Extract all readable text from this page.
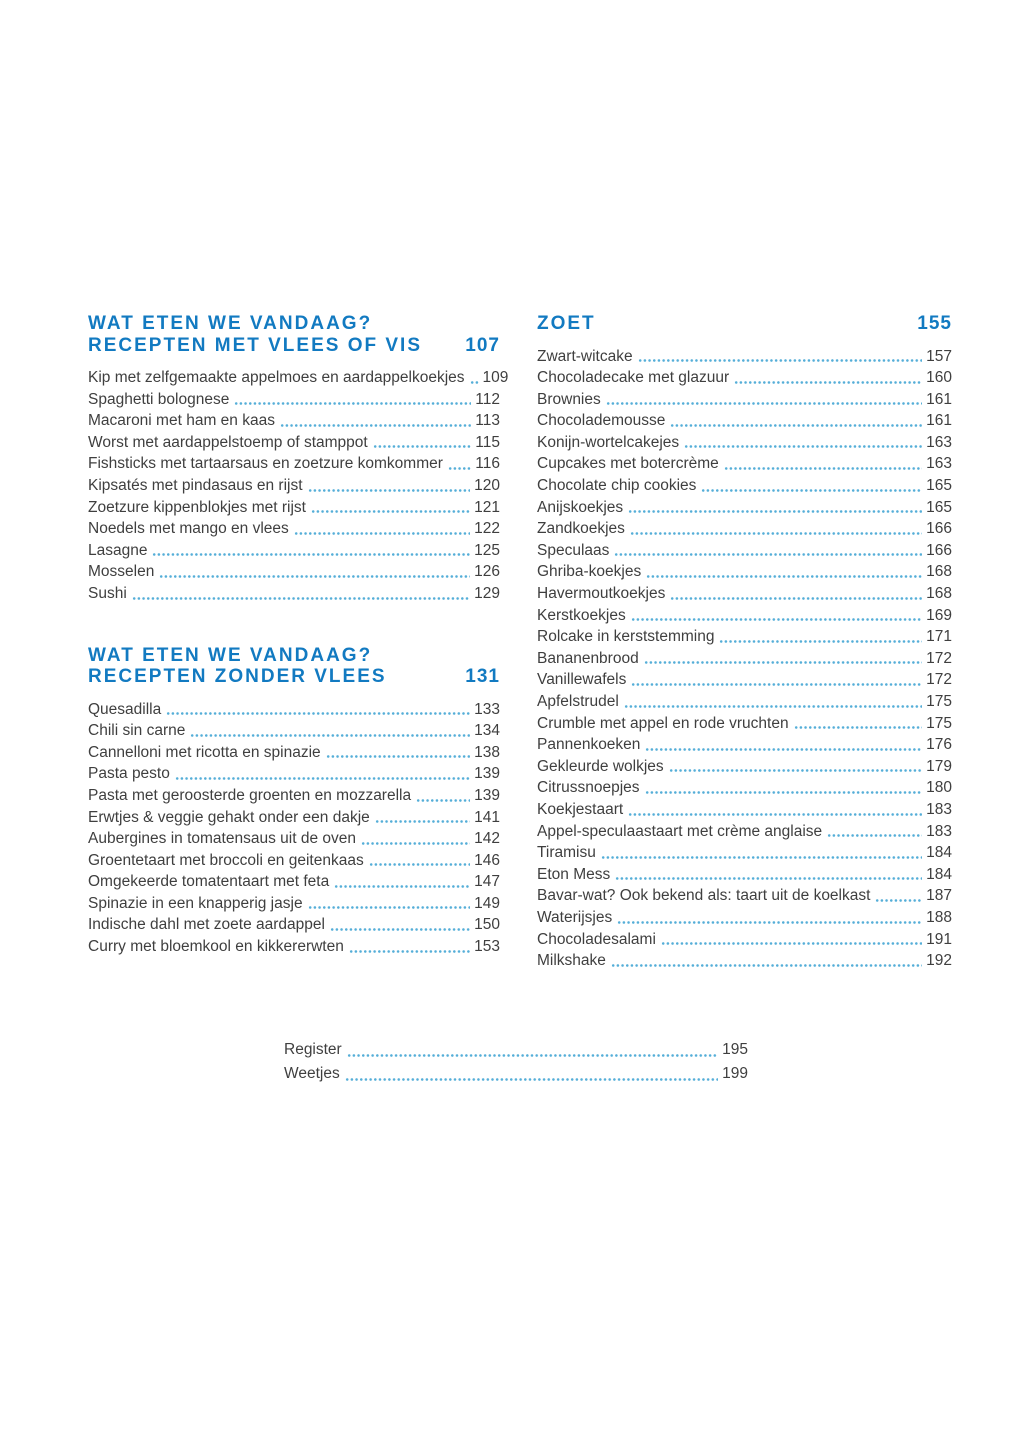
WAT ETEN WE VANDAAG?
RECEPTEN MET VLEES OF VIS	107
Kip met zelfgemaakte appelmoes en aardappelkoekjes 109
Spaghetti bolognese	112
Macaroni met ham en kaas	113
Worst met aardappelstoemp of stamppot	115
Fishsticks met tartaarsaus en zoetzure komkommer 116
Kipsatés met pindasaus en rijst	120
Zoetzure kippenblokjes met rijst	121
Noedels met mango en vlees	122
Lasagne	125
Mosselen	126
Sushi	129
WAT ETEN WE VANDAAG?
RECEPTEN ZONDER VLEES	131
Quesadilla	133
Chili sin carne	134
Cannelloni met ricotta en spinazie	138
Pasta pesto	139
Pasta met geroosterde groenten en mozzarella	139
Erwtjes & veggie gehakt onder een dakje	141
Aubergines in tomatensaus uit de oven	142
Groentetaart met broccoli en geitenkaas	146
Omgekeerde tomatentaart met feta	147
Spinazie in een knapperig jasje	149
Indische dahl met zoete aardappel	150
Curry met bloemkool en kikkererwten	153
ZOET	155
Zwart-witcake	157
Chocoladecake met glazuur	160
Brownies	161
Chocolademousse	161
Konijn-wortelcakejes	163
Cupcakes met botercrème	163
Chocolate chip cookies	165
Anijskoekjes	165
Zandkoekjes	166
Speculaas	166
Ghriba-koekjes	168
Havermoutkoekjes	168
Kerstkoekjes	169
Rolcake in kerststemming	171
Bananenbrood	172
Vanillewafels	172
Apfelstrudel	175
Crumble met appel en rode vruchten	175
Pannenkoeken	176
Gekleurde wolkjes	179
Citrussnoepjes	180
Koekjestaart	183
Appel-speculaastaart met crème anglaise	183
Tiramisu	184
Eton Mess	184
Bavar-wat? Ook bekend als: taart uit de koelkast	187
Waterijsjes	188
Chocoladesalami	191
Milkshake	192
Register	195
Weetjes	199
